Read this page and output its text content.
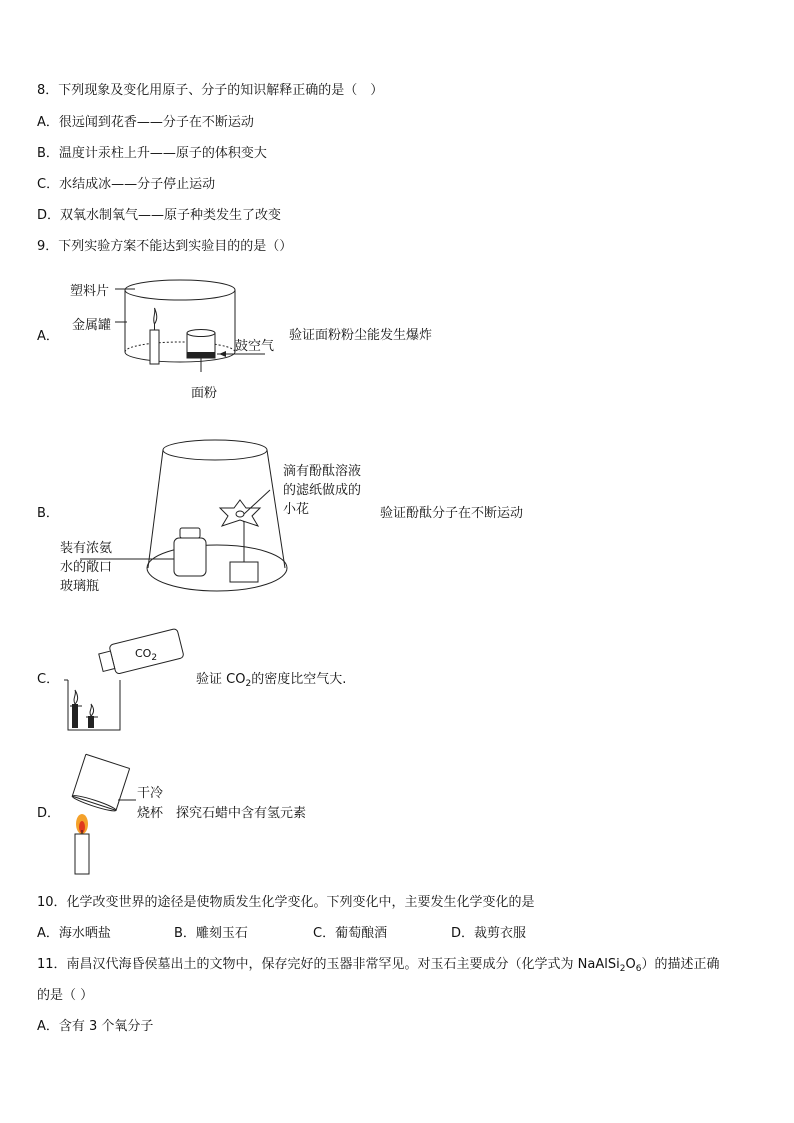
8．下列现象及变化用原子、分子的知识解释正确的是（　）
A．很远闻到花香——分子在不断运动
B．温度计汞柱上升——原子的体积变大
C．水结成冰——分子停止运动
D．双氧水制氧气——原子种类发生了改变
9．下列实验方案不能达到实验目的的是（）
A．
塑料片
金属罐
鼓空气
面粉
验证面粉粉尘能发生爆炸
B．
滴有酚酞溶液
的滤纸做成的
小花	验证酚酞分子在不断运动
装有浓氨
水的敞口
玻璃瓶
C．
$CO_2$
验证 $CO_2$的密度比空气大.
D．
干冷
烧杯 探究石蜡中含有氢元素
10．化学改变世界的途径是使物质发生化学变化。下列变化中，主要发生化学变化的是
A．海水晒盐	B．雕刻玉石	C．葡萄酿酒	D．裁剪衣服
11．南昌汉代海昏侯墓出土的文物中，保存完好的玉器非常罕见。对玉石主要成分（化学式为 $NaAlSi_2O_6$）的描述正确
的是（ ）
A．含有 3 个氧分子
